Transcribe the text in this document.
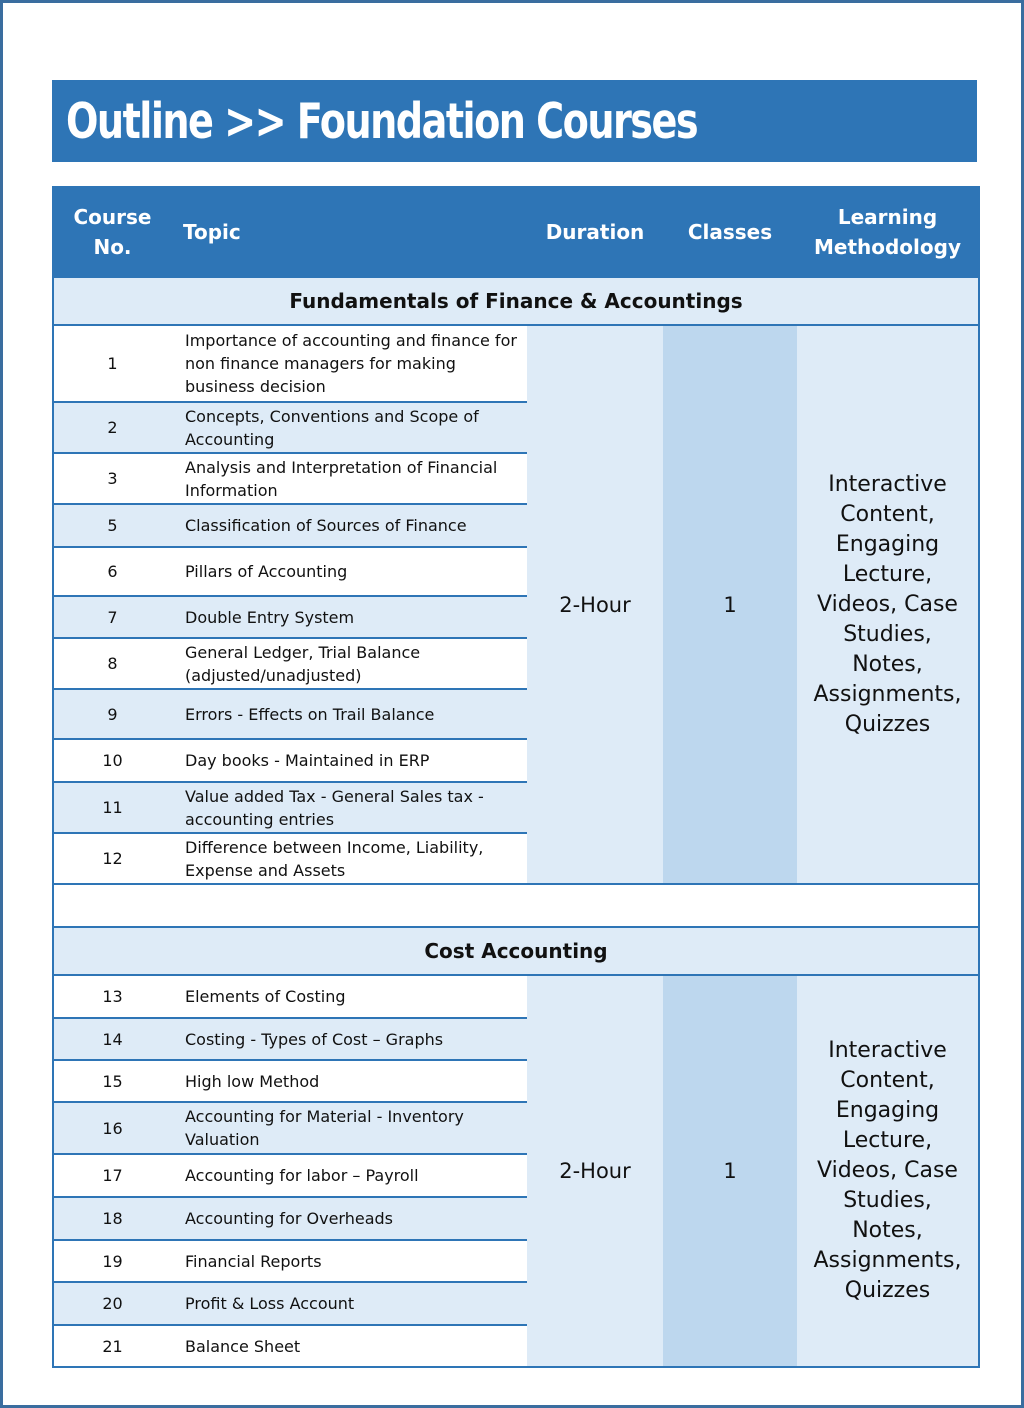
Outline >> Foundation Courses
Course No.	Topic	Duration	Classes	Learning Methodology
Fundamentals of Finance & Accountings				
1	Importance of accounting and finance for non finance managers for making business decision	2-Hour	1	Interactive Content, Engaging Lecture, Videos, Case Studies, Notes, Assignments, Quizzes
2	Concepts, Conventions and Scope of Accounting			
3	Analysis and Interpretation of Financial Information			
5	Classification of Sources of Finance			
6	Pillars of Accounting			
7	Double Entry System			
8	General Ledger, Trial Balance (adjusted/unadjusted)			
9	Errors - Effects on Trail Balance			
10	Day books - Maintained in ERP			
11	Value added Tax - General Sales tax - accounting entries			
12	Difference between Income, Liability, Expense and Assets			

Cost Accounting				
13	Elements of Costing	2-Hour	1	Interactive Content, Engaging Lecture, Videos, Case Studies, Notes, Assignments, Quizzes
14	Costing - Types of Cost – Graphs			
15	High low Method			
16	Accounting for Material - Inventory Valuation			
17	Accounting for labor – Payroll			
18	Accounting for Overheads			
19	Financial Reports			
20	Profit & Loss Account			
21	Balance Sheet			
